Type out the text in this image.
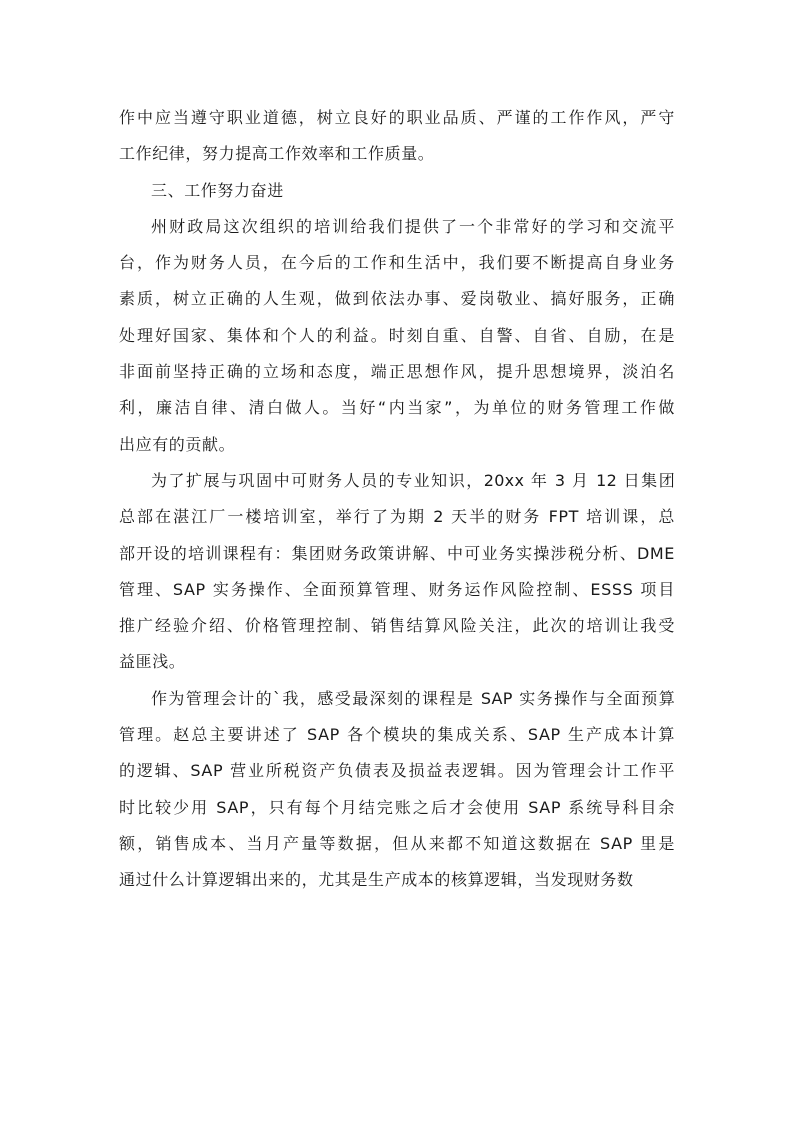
作中应当遵守职业道德，树立良好的职业品质、严谨的工作作风，严守
工作纪律，努力提高工作效率和工作质量。

三、工作努力奋进

州财政局这次组织的培训给我们提供了一个非常好的学习和交流平
台，作为财务人员，在今后的工作和生活中，我们要不断提高自身业务
素质，树立正确的人生观，做到依法办事、爱岗敬业、搞好服务，正确
处理好国家、集体和个人的利益。时刻自重、自警、自省、自励，在是
非面前坚持正确的立场和态度，端正思想作风，提升思想境界，淡泊名
利，廉洁自律、清白做人。当好“内当家”，为单位的财务管理工作做
出应有的贡献。

为了扩展与巩固中可财务人员的专业知识，20xx 年 3 月 12 日集团
总部在湛江厂一楼培训室，举行了为期 2 天半的财务 FPT 培训课，总
部开设的培训课程有：集团财务政策讲解、中可业务实操涉税分析、DME
管理、SAP 实务操作、全面预算管理、财务运作风险控制、ESSS 项目
推广经验介绍、价格管理控制、销售结算风险关注，此次的培训让我受
益匪浅。

作为管理会计的`我，感受最深刻的课程是 SAP 实务操作与全面预算
管理。赵总主要讲述了 SAP 各个模块的集成关系、SAP 生产成本计算
的逻辑、SAP 营业所税资产负债表及损益表逻辑。因为管理会计工作平
时比较少用 SAP，只有每个月结完账之后才会使用 SAP 系统导科目余
额，销售成本、当月产量等数据，但从来都不知道这数据在 SAP 里是
通过什么计算逻辑出来的，尤其是生产成本的核算逻辑，当发现财务数
